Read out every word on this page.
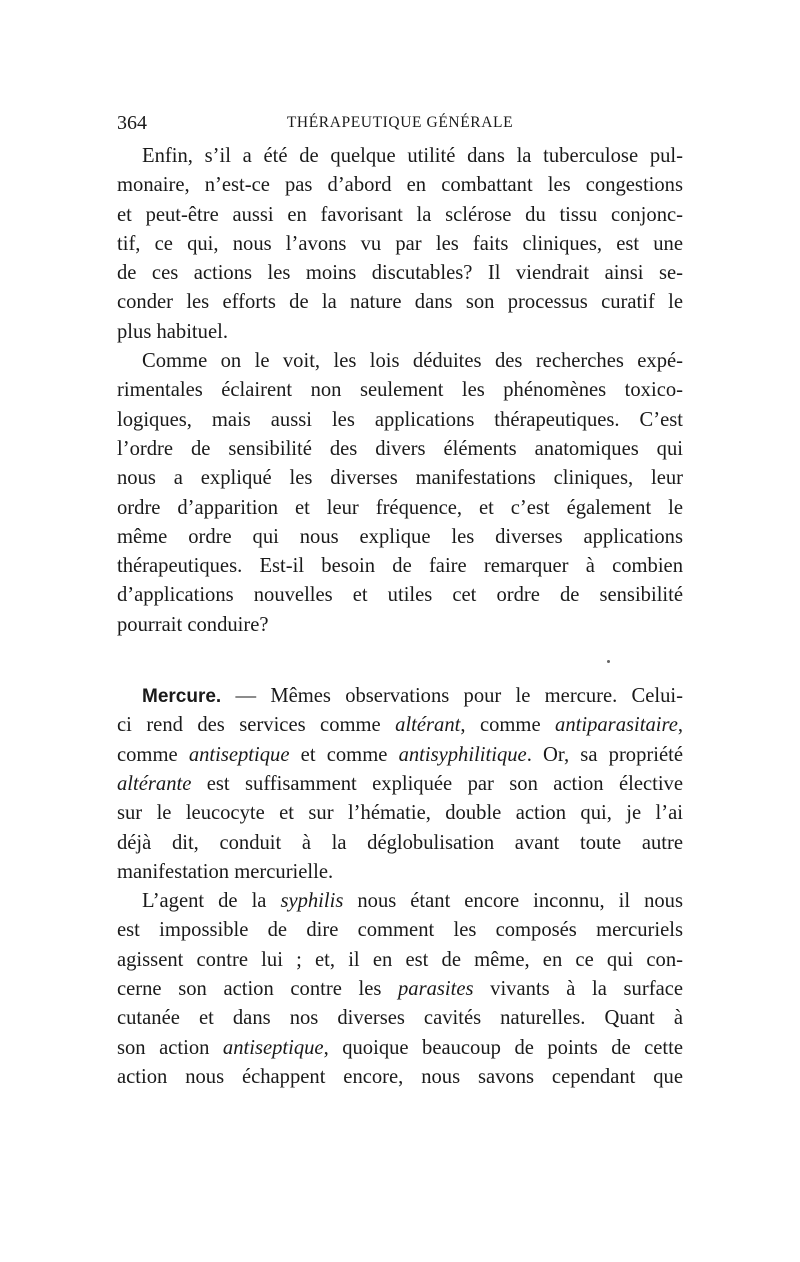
364	THÉRAPEUTIQUE GÉNÉRALE

Enfin, s’il a été de quelque utilité dans la tuberculose pul-
monaire, n’est-ce pas d’abord en combattant les congestions
et peut-être aussi en favorisant la sclérose du tissu conjonc-
tif, ce qui, nous l’avons vu par les faits cliniques, est une
de ces actions les moins discutables? Il viendrait ainsi se-
conder les efforts de la nature dans son processus curatif le
plus habituel.

Comme on le voit, les lois déduites des recherches expé-
rimentales éclairent non seulement les phénomènes toxico-
logiques, mais aussi les applications thérapeutiques. C’est
l’ordre de sensibilité des divers éléments anatomiques qui
nous a expliqué les diverses manifestations cliniques, leur
ordre d’apparition et leur fréquence, et c’est également le
même ordre qui nous explique les diverses applications
thérapeutiques. Est-il besoin de faire remarquer à combien
d’applications nouvelles et utiles cet ordre de sensibilité
pourrait conduire?

Mercure. — Mêmes observations pour le mercure. Celui-
ci rend des services comme altérant, comme antiparasitaire,
comme antiseptique et comme antisyphilitique. Or, sa propriété
altérante est suffisamment expliquée par son action élective
sur le leucocyte et sur l’hématie, double action qui, je l’ai
déjà dit, conduit à la déglobulisation avant toute autre
manifestation mercurielle.

L’agent de la syphilis nous étant encore inconnu, il nous
est impossible de dire comment les composés mercuriels
agissent contre lui ; et, il en est de même, en ce qui con-
cerne son action contre les parasites vivants à la surface
cutanée et dans nos diverses cavités naturelles. Quant à
son action antiseptique, quoique beaucoup de points de cette
action nous échappent encore, nous savons cependant que
